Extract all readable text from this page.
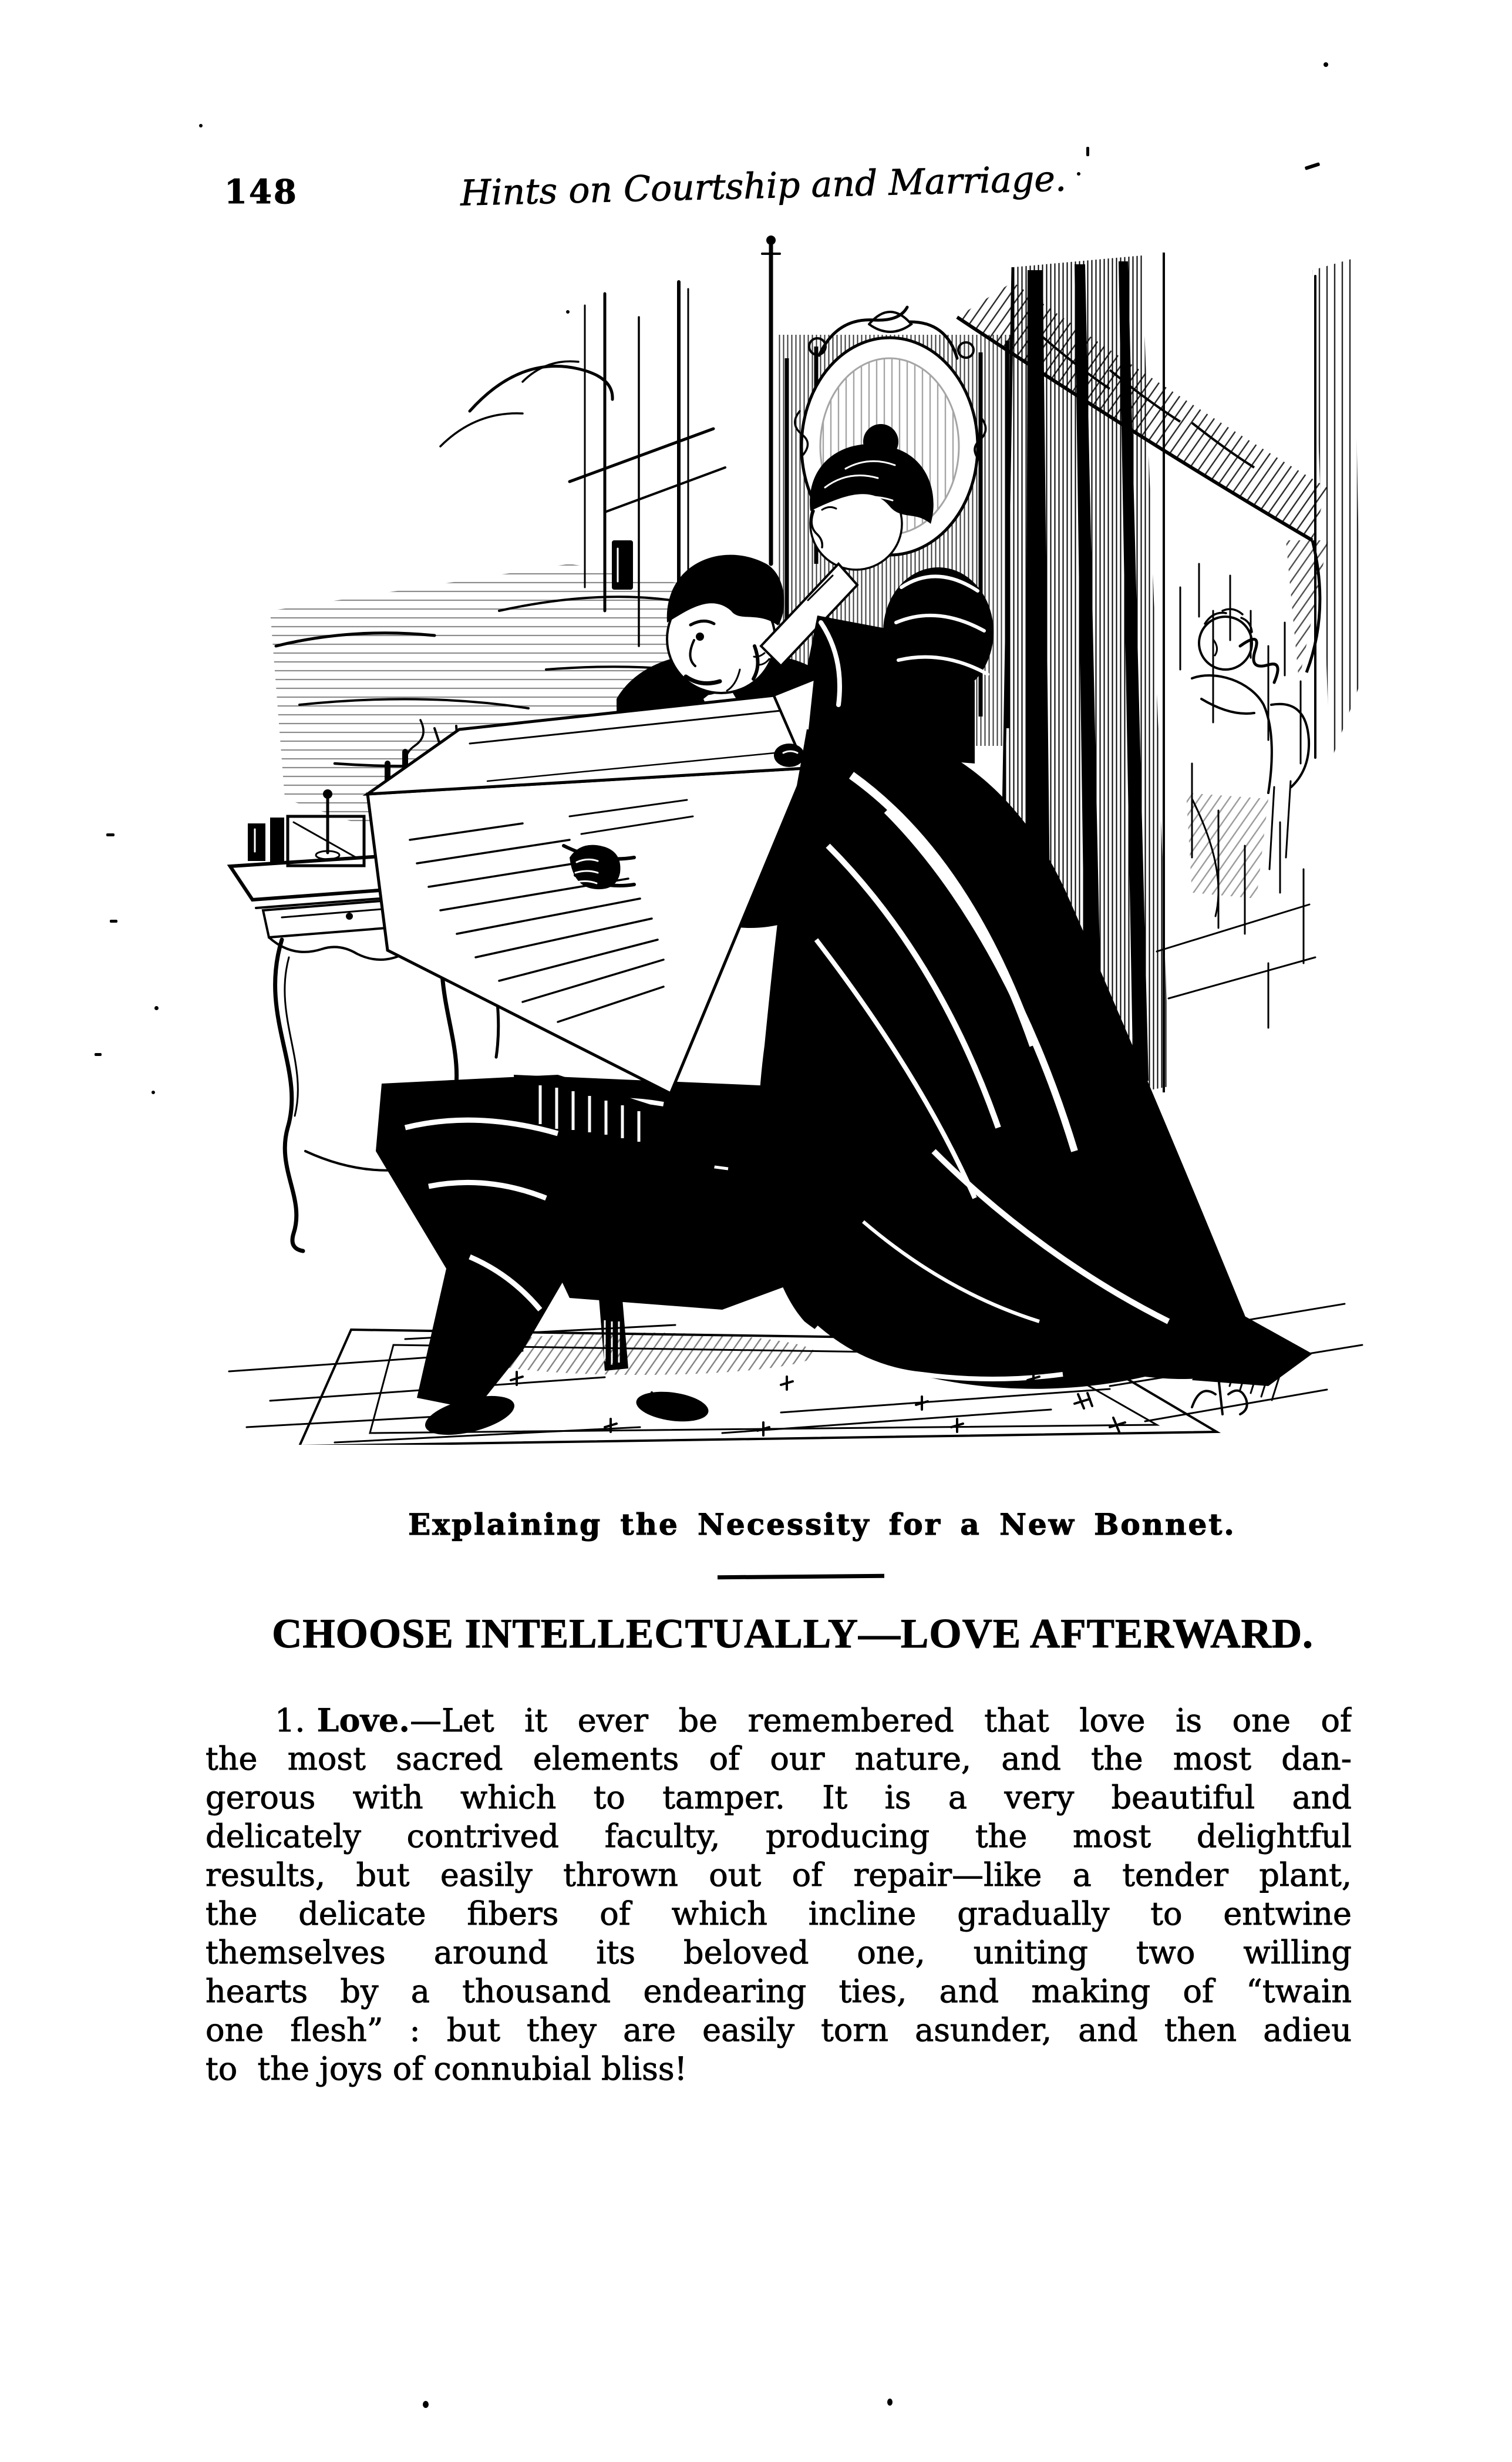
148	Hints on Courtship and Marriage.
Explaining the Necessity for a New Bonnet.
CHOOSE INTELLECTUALLY—LOVE AFTERWARD.
1. Love.—Let it ever be remembered that love is one of
the most sacred elements of our nature, and the most dan-
gerous with which to tamper. It is a very beautiful and
delicately contrived faculty, producing the most delightful
results, but easily thrown out of repair—like a tender plant,
the delicate fibers of which incline gradually to entwine
themselves around its beloved one, uniting two willing
hearts by a thousand endearing ties, and making of “twain
one flesh” : but they are easily torn asunder, and then adieu
to  the joys of connubial bliss!
